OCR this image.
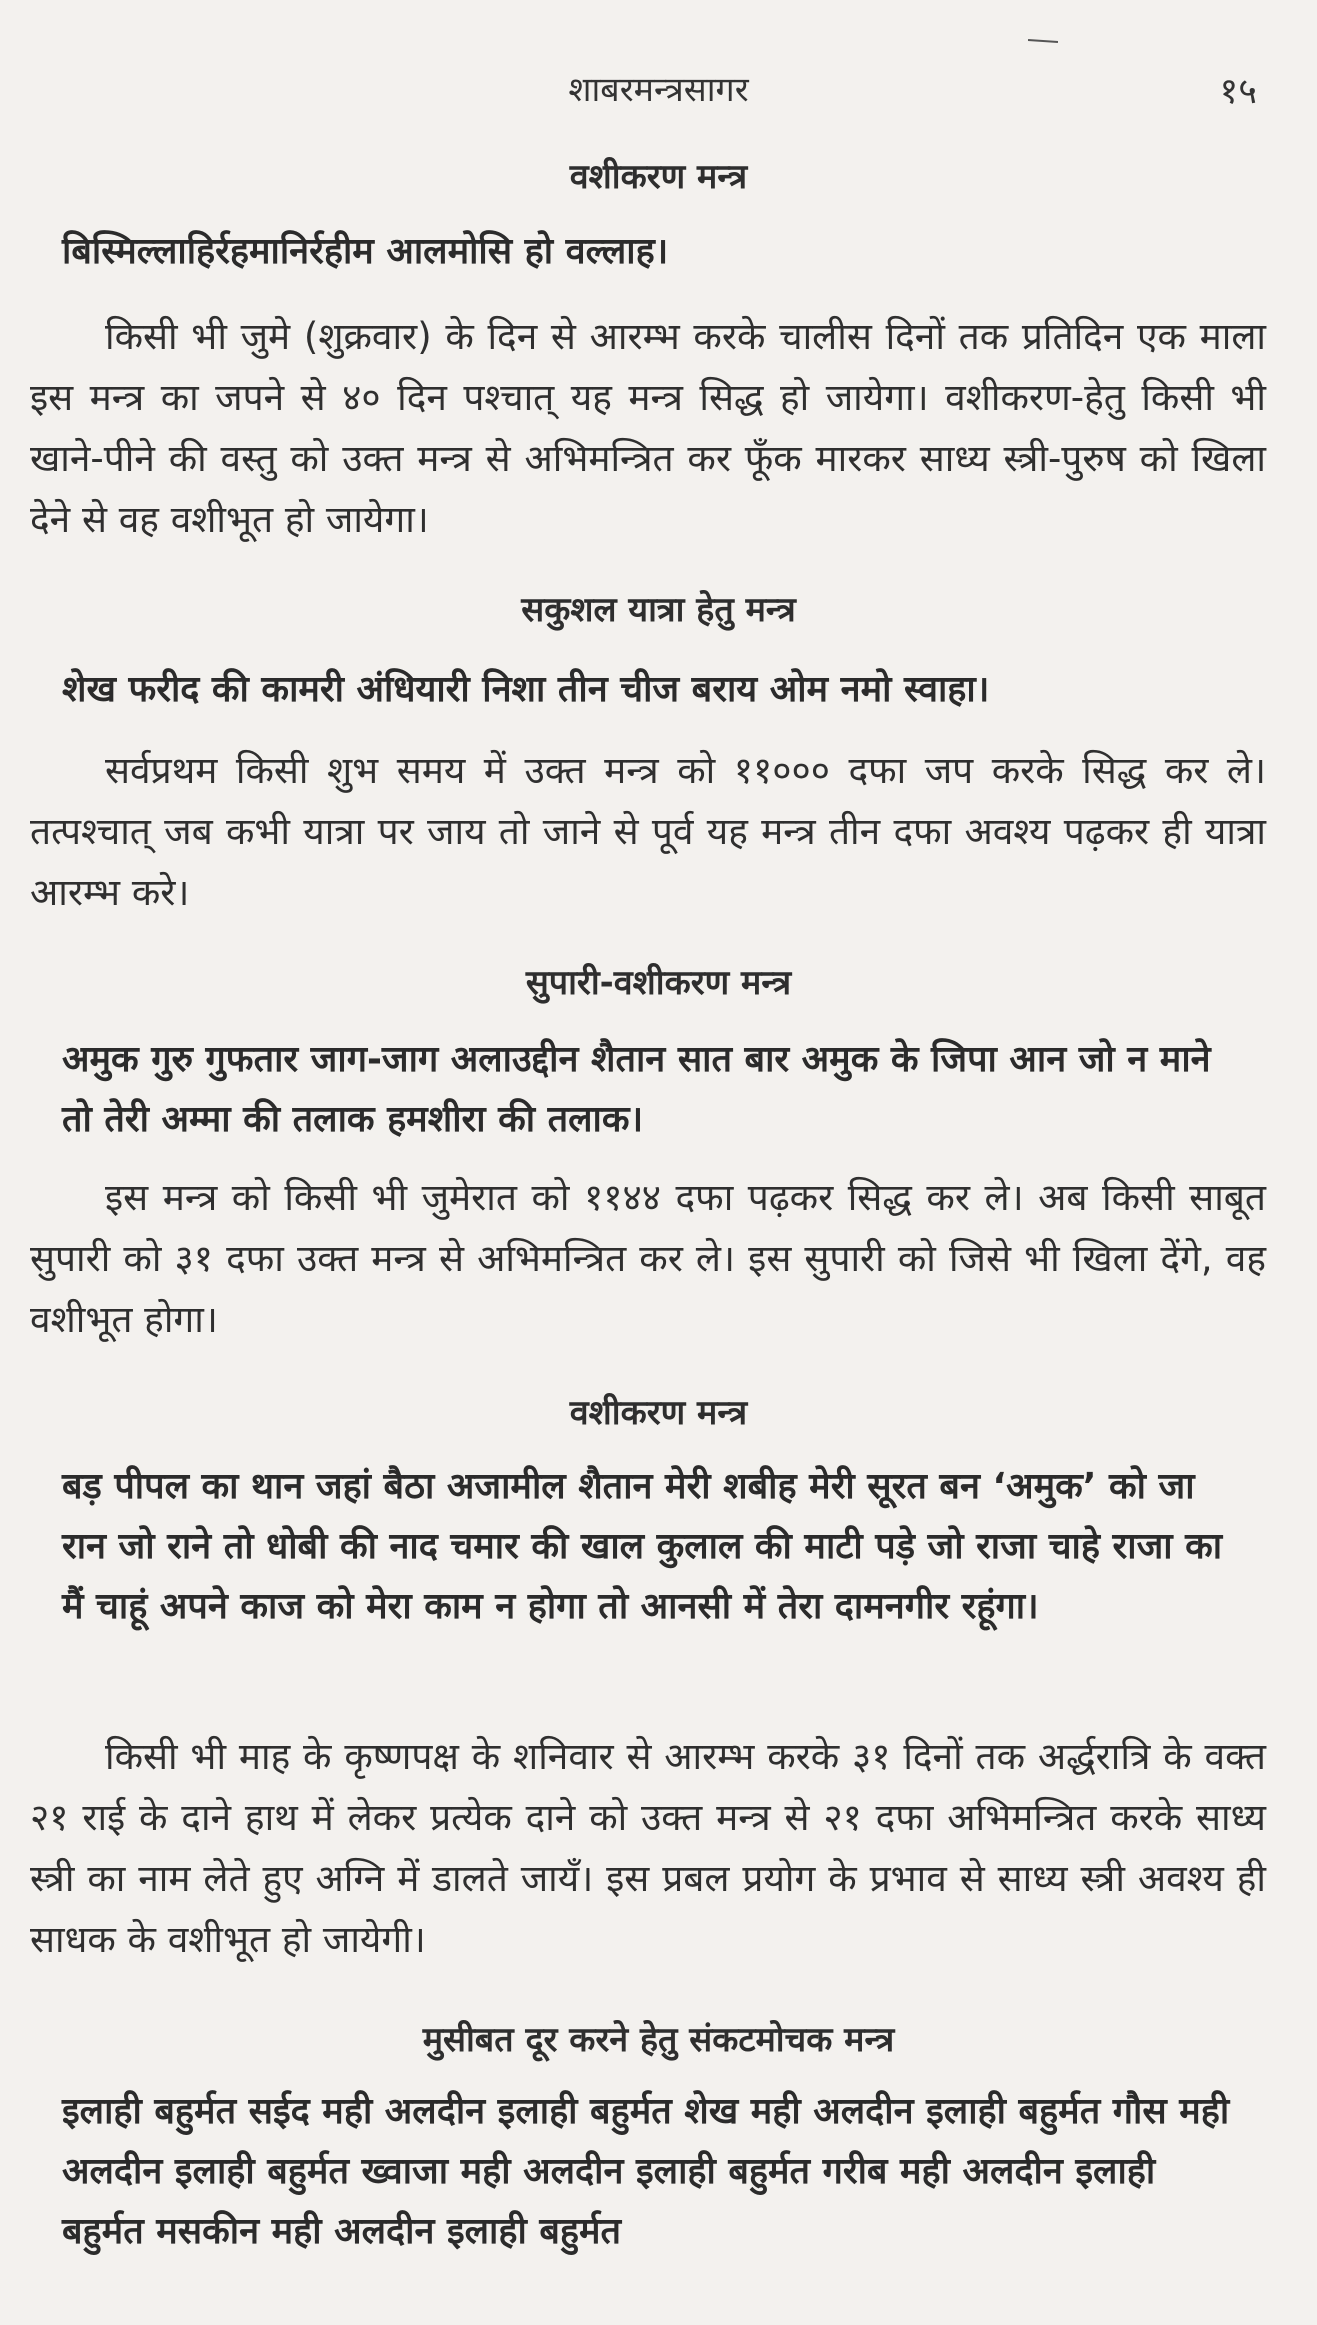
शाबरमन्त्रसागर	१५
वशीकरण मन्त्र
बिस्मिल्लाहिर्रहमानिर्रहीम आलमोसि हो वल्लाह।
किसी भी जुमे (शुक्रवार) के दिन से आरम्भ करके चालीस दिनों तक प्रतिदिन एक माला इस मन्त्र का जपने से ४० दिन पश्चात् यह मन्त्र सिद्ध हो जायेगा। वशीकरण-हेतु किसी भी खाने-पीने की वस्तु को उक्त मन्त्र से अभिमन्त्रित कर फूँक मारकर साध्य स्त्री-पुरुष को खिला देने से वह वशीभूत हो जायेगा।
सकुशल यात्रा हेतु मन्त्र
शेख फरीद की कामरी अंधियारी निशा तीन चीज बराय ओम नमो स्वाहा।
सर्वप्रथम किसी शुभ समय में उक्त मन्त्र को ११००० दफा जप करके सिद्ध कर ले। तत्पश्चात् जब कभी यात्रा पर जाय तो जाने से पूर्व यह मन्त्र तीन दफा अवश्य पढ़कर ही यात्रा आरम्भ करे।
सुपारी-वशीकरण मन्त्र
अमुक गुरु गुफतार जाग-जाग अलाउद्दीन शैतान सात बार अमुक के जिपा आन जो न माने तो तेरी अम्मा की तलाक हमशीरा की तलाक।
इस मन्त्र को किसी भी जुमेरात को ११४४ दफा पढ़कर सिद्ध कर ले। अब किसी साबूत सुपारी को ३१ दफा उक्त मन्त्र से अभिमन्त्रित कर ले। इस सुपारी को जिसे भी खिला देंगे, वह वशीभूत होगा।
वशीकरण मन्त्र
बड़ पीपल का थान जहां बैठा अजामील शैतान मेरी शबीह मेरी सूरत बन ‘अमुक’ को जा रान जो राने तो धोबी की नाद चमार की खाल कुलाल की माटी पड़े जो राजा चाहे राजा का मैं चाहूं अपने काज को मेरा काम न होगा तो आनसी में तेरा दामनगीर रहूंगा।
किसी भी माह के कृष्णपक्ष के शनिवार से आरम्भ करके ३१ दिनों तक अर्द्धरात्रि के वक्त २१ राई के दाने हाथ में लेकर प्रत्येक दाने को उक्त मन्त्र से २१ दफा अभिमन्त्रित करके साध्य स्त्री का नाम लेते हुए अग्नि में डालते जायँ। इस प्रबल प्रयोग के प्रभाव से साध्य स्त्री अवश्य ही साधक के वशीभूत हो जायेगी।
मुसीबत दूर करने हेतु संकटमोचक मन्त्र
इलाही बहुर्मत सईद मही अलदीन इलाही बहुर्मत शेख मही अलदीन इलाही बहुर्मत गौस मही अलदीन इलाही बहुर्मत ख्वाजा मही अलदीन इलाही बहुर्मत गरीब मही अलदीन इलाही बहुर्मत मसकीन मही अलदीन इलाही बहुर्मत
